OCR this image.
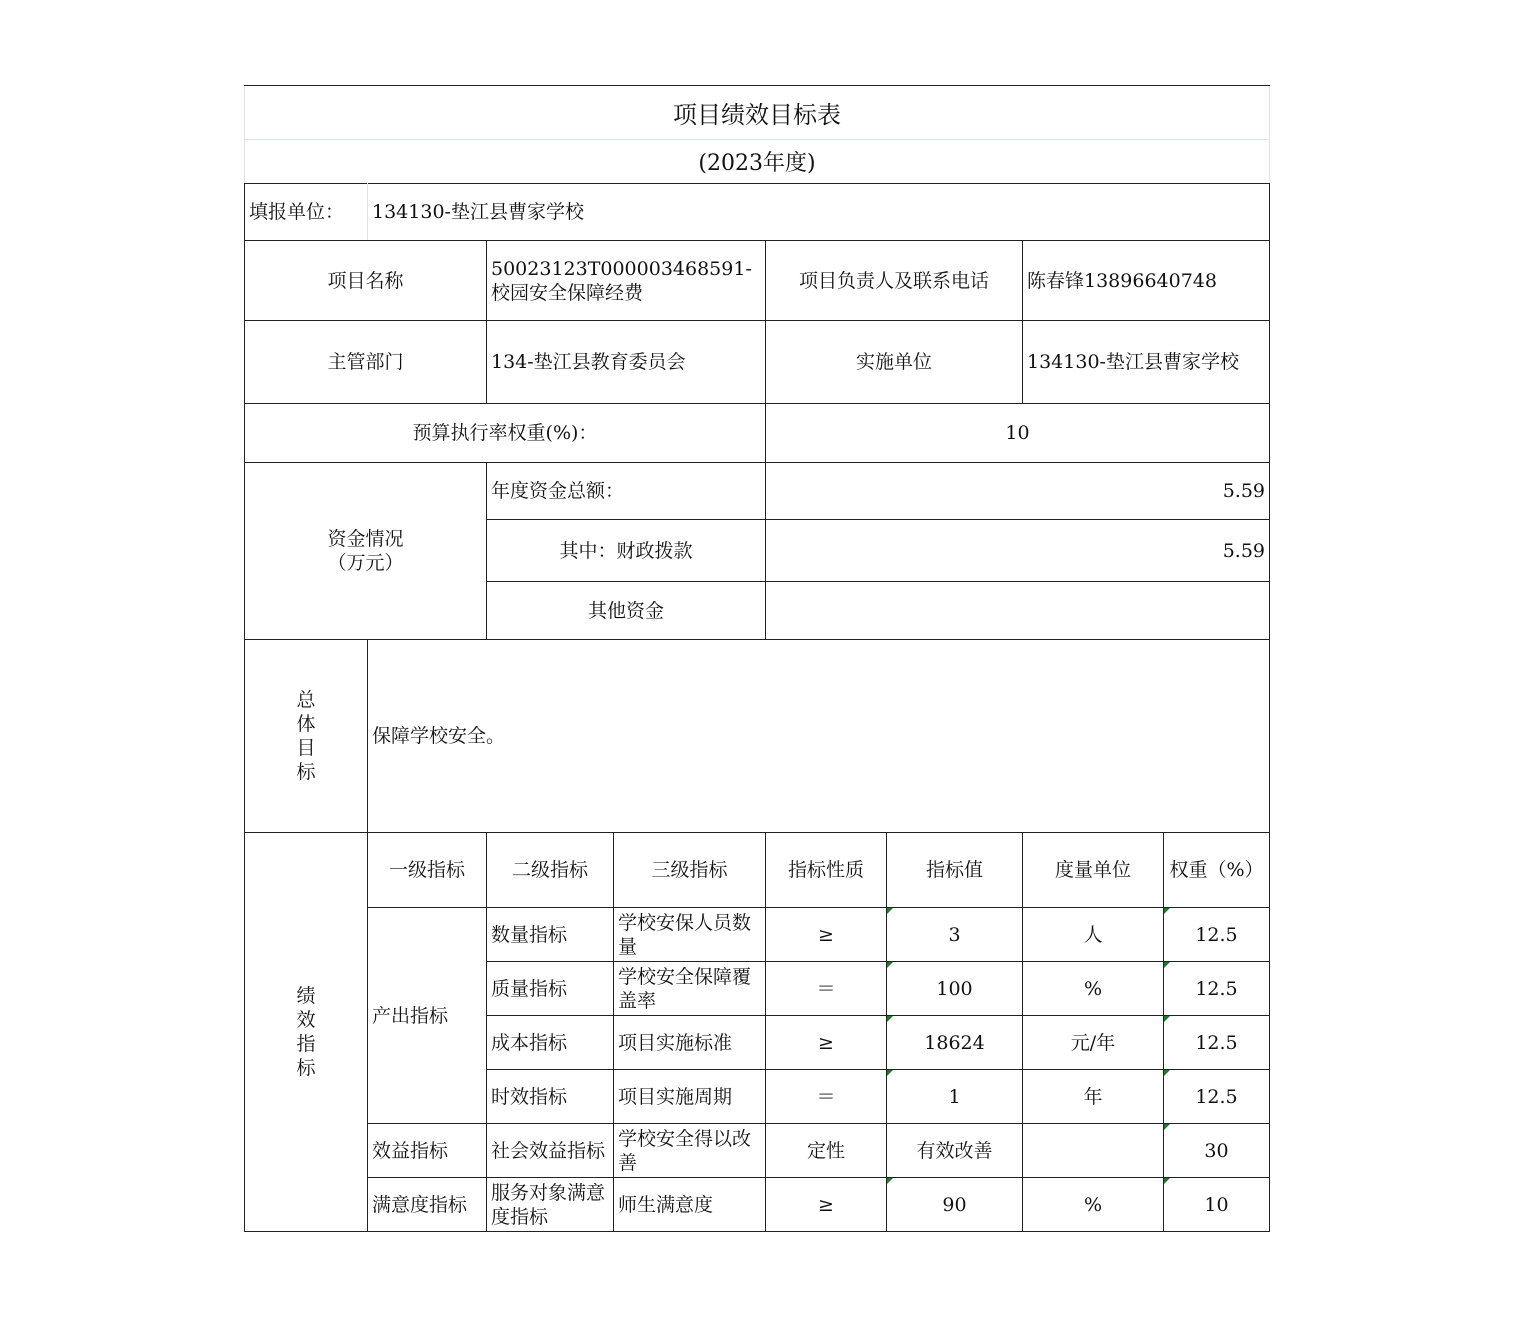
项目绩效目标表
(2023年度)
填报单位：	134130-垫江县曹家学校						
项目名称		50023123T000003468591-校园安全保障经费		项目负责人及联系电话		陈春锋13896640748	
主管部门		134-垫江县教育委员会		实施单位		134130-垫江县曹家学校	
预算执行率权重(%)：				10			

资金情况
（万元）		年度资金总额：		5.59			
		其中：财政拨款		5.59			
		其他资金					

总
体
目
标	保障学校安全。						

绩
效
指
标	一级指标	二级指标	三级指标	指标性质	指标值	度量单位	权重（%）
	产出指标	数量指标	学校安保人员数量	≥	3	人	12.5
		质量指标	学校安全保障覆盖率	＝	100	%	12.5
		成本指标	项目实施标准	≥	18624	元/年	12.5
		时效指标	项目实施周期	＝	1	年	12.5
	效益指标	社会效益指标	学校安全得以改善	定性	有效改善		30
	满意度指标	服务对象满意度指标	师生满意度	≥	90	%	10
